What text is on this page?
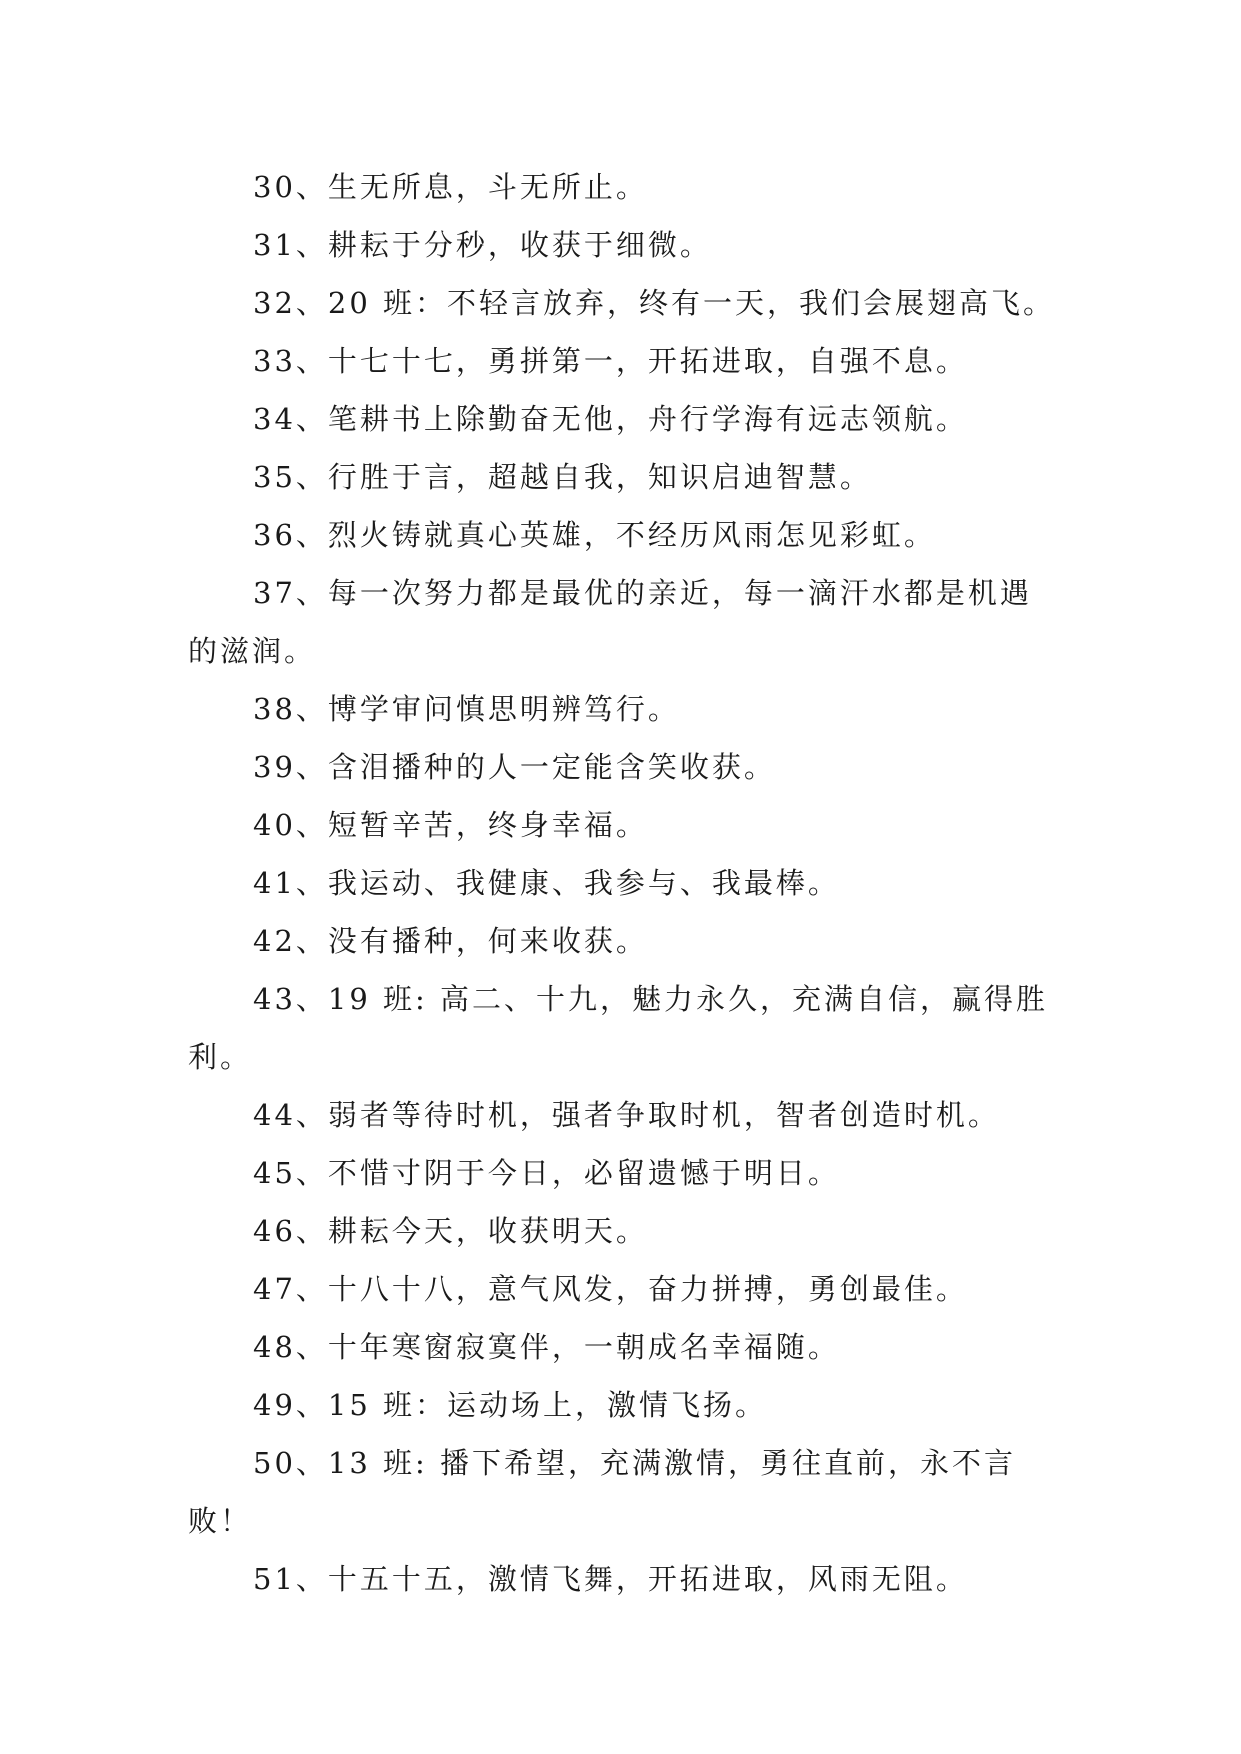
30、生无所息，斗无所止。

31、耕耘于分秒，收获于细微。

32、20 班：不轻言放弃，终有一天，我们会展翅高飞。

33、十七十七，勇拼第一，开拓进取，自强不息。

34、笔耕书上除勤奋无他，舟行学海有远志领航。

35、行胜于言，超越自我，知识启迪智慧。

36、烈火铸就真心英雄，不经历风雨怎见彩虹。

37、每一次努力都是最优的亲近，每一滴汗水都是机遇的滋润。

38、博学审问慎思明辨笃行。

39、含泪播种的人一定能含笑收获。

40、短暂辛苦，终身幸福。

41、我运动、我健康、我参与、我最棒。

42、没有播种，何来收获。

43、19 班: 高二、十九，魅力永久，充满自信，赢得胜利。

44、弱者等待时机，强者争取时机，智者创造时机。

45、不惜寸阴于今日，必留遗憾于明日。

46、耕耘今天，收获明天。

47、十八十八，意气风发，奋力拼搏，勇创最佳。

48、十年寒窗寂寞伴，一朝成名幸福随。

49、15 班：运动场上，激情飞扬。

50、13 班: 播下希望，充满激情，勇往直前，永不言败！

51、十五十五，激情飞舞，开拓进取，风雨无阻。
